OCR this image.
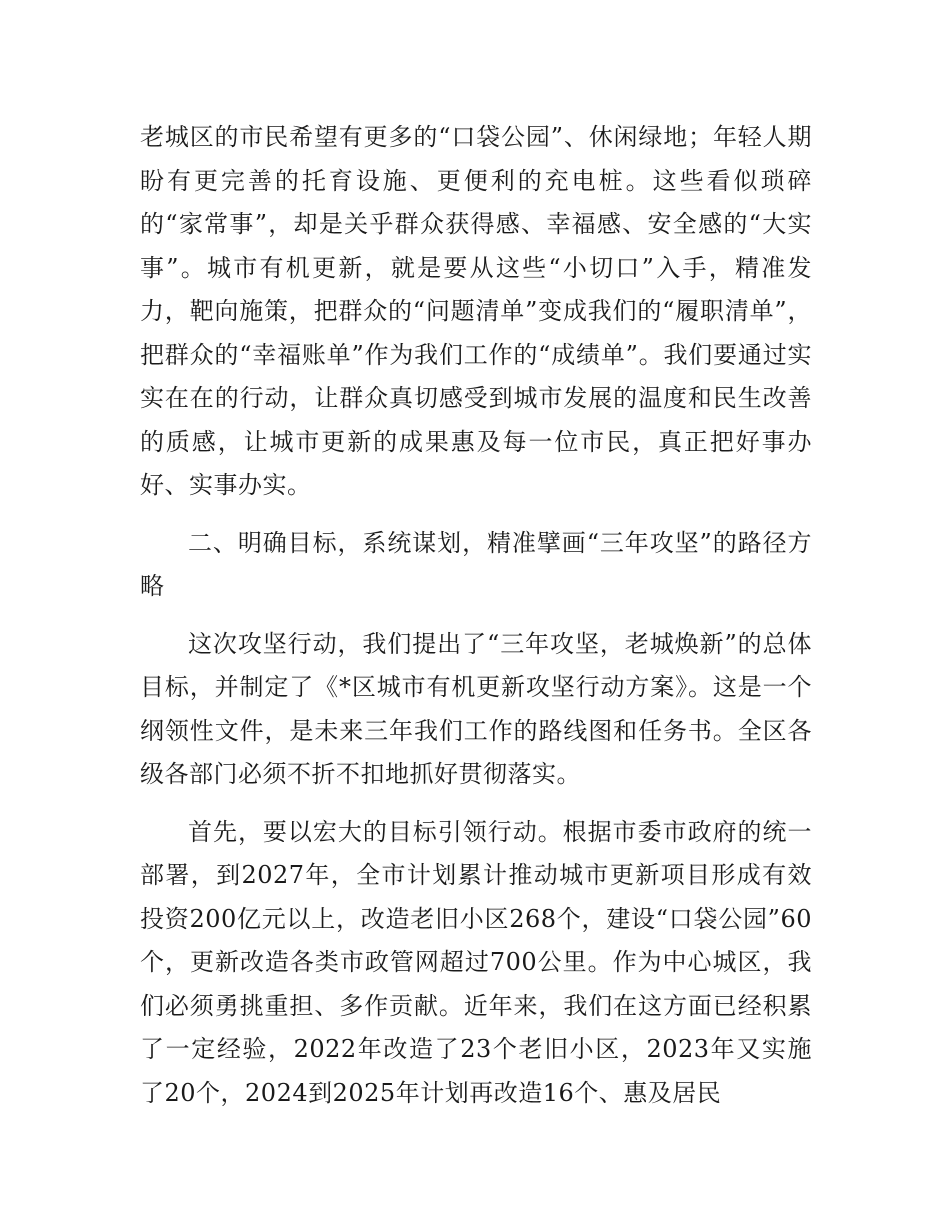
老城区的市民希望有更多的“口袋公园”、休闲绿地；年轻人期盼有更完善的托育设施、更便利的充电桩。这些看似琐碎的“家常事”，却是关乎群众获得感、幸福感、安全感的“大实事”。城市有机更新，就是要从这些“小切口”入手，精准发力，靶向施策，把群众的“问题清单”变成我们的“履职清单”，把群众的“幸福账单”作为我们工作的“成绩单”。我们要通过实实在在的行动，让群众真切感受到城市发展的温度和民生改善的质感，让城市更新的成果惠及每一位市民，真正把好事办好、实事办实。

二、明确目标，系统谋划，精准擘画“三年攻坚”的路径方略

这次攻坚行动，我们提出了“三年攻坚，老城焕新”的总体目标，并制定了《*区城市有机更新攻坚行动方案》。这是一个纲领性文件，是未来三年我们工作的路线图和任务书。全区各级各部门必须不折不扣地抓好贯彻落实。

首先，要以宏大的目标引领行动。根据市委市政府的统一部署，到2027年，全市计划累计推动城市更新项目形成有效投资200亿元以上，改造老旧小区268个，建设“口袋公园”60个，更新改造各类市政管网超过700公里。作为中心城区，我们必须勇挑重担、多作贡献。近年来，我们在这方面已经积累了一定经验，2022年改造了23个老旧小区，2023年又实施了20个，2024到2025年计划再改造16个、惠及居民
